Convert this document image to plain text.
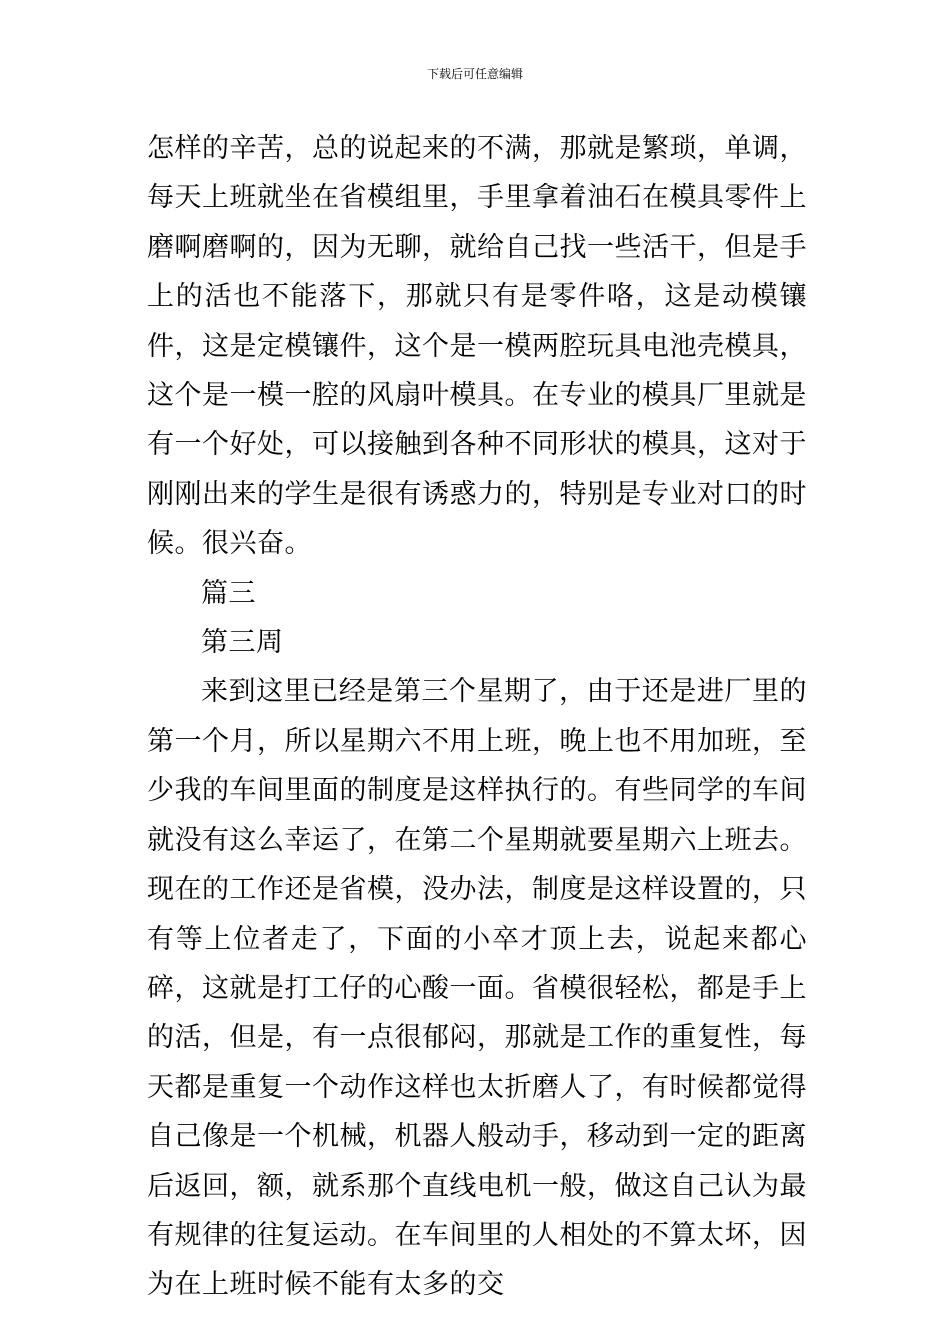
下载后可任意编辑

怎样的辛苦，总的说起来的不满，那就是繁琐，单调，每天上班就坐在省模组里，手里拿着油石在模具零件上磨啊磨啊的，因为无聊，就给自己找一些活干，但是手上的活也不能落下，那就只有是零件咯，这是动模镶件，这是定模镶件，这个是一模两腔玩具电池壳模具，这个是一模一腔的风扇叶模具。在专业的模具厂里就是有一个好处，可以接触到各种不同形状的模具，这对于刚刚出来的学生是很有诱惑力的，特别是专业对口的时候。很兴奋。

篇三

第三周

来到这里已经是第三个星期了，由于还是进厂里的第一个月，所以星期六不用上班，晚上也不用加班，至少我的车间里面的制度是这样执行的。有些同学的车间就没有这么幸运了，在第二个星期就要星期六上班去。现在的工作还是省模，没办法，制度是这样设置的，只有等上位者走了，下面的小卒才顶上去，说起来都心碎，这就是打工仔的心酸一面。省模很轻松，都是手上的活，但是，有一点很郁闷，那就是工作的重复性，每天都是重复一个动作这样也太折磨人了，有时候都觉得自己像是一个机械，机器人般动手，移动到一定的距离后返回，额，就系那个直线电机一般，做这自己认为最有规律的往复运动。在车间里的人相处的不算太坏，因为在上班时候不能有太多的交
